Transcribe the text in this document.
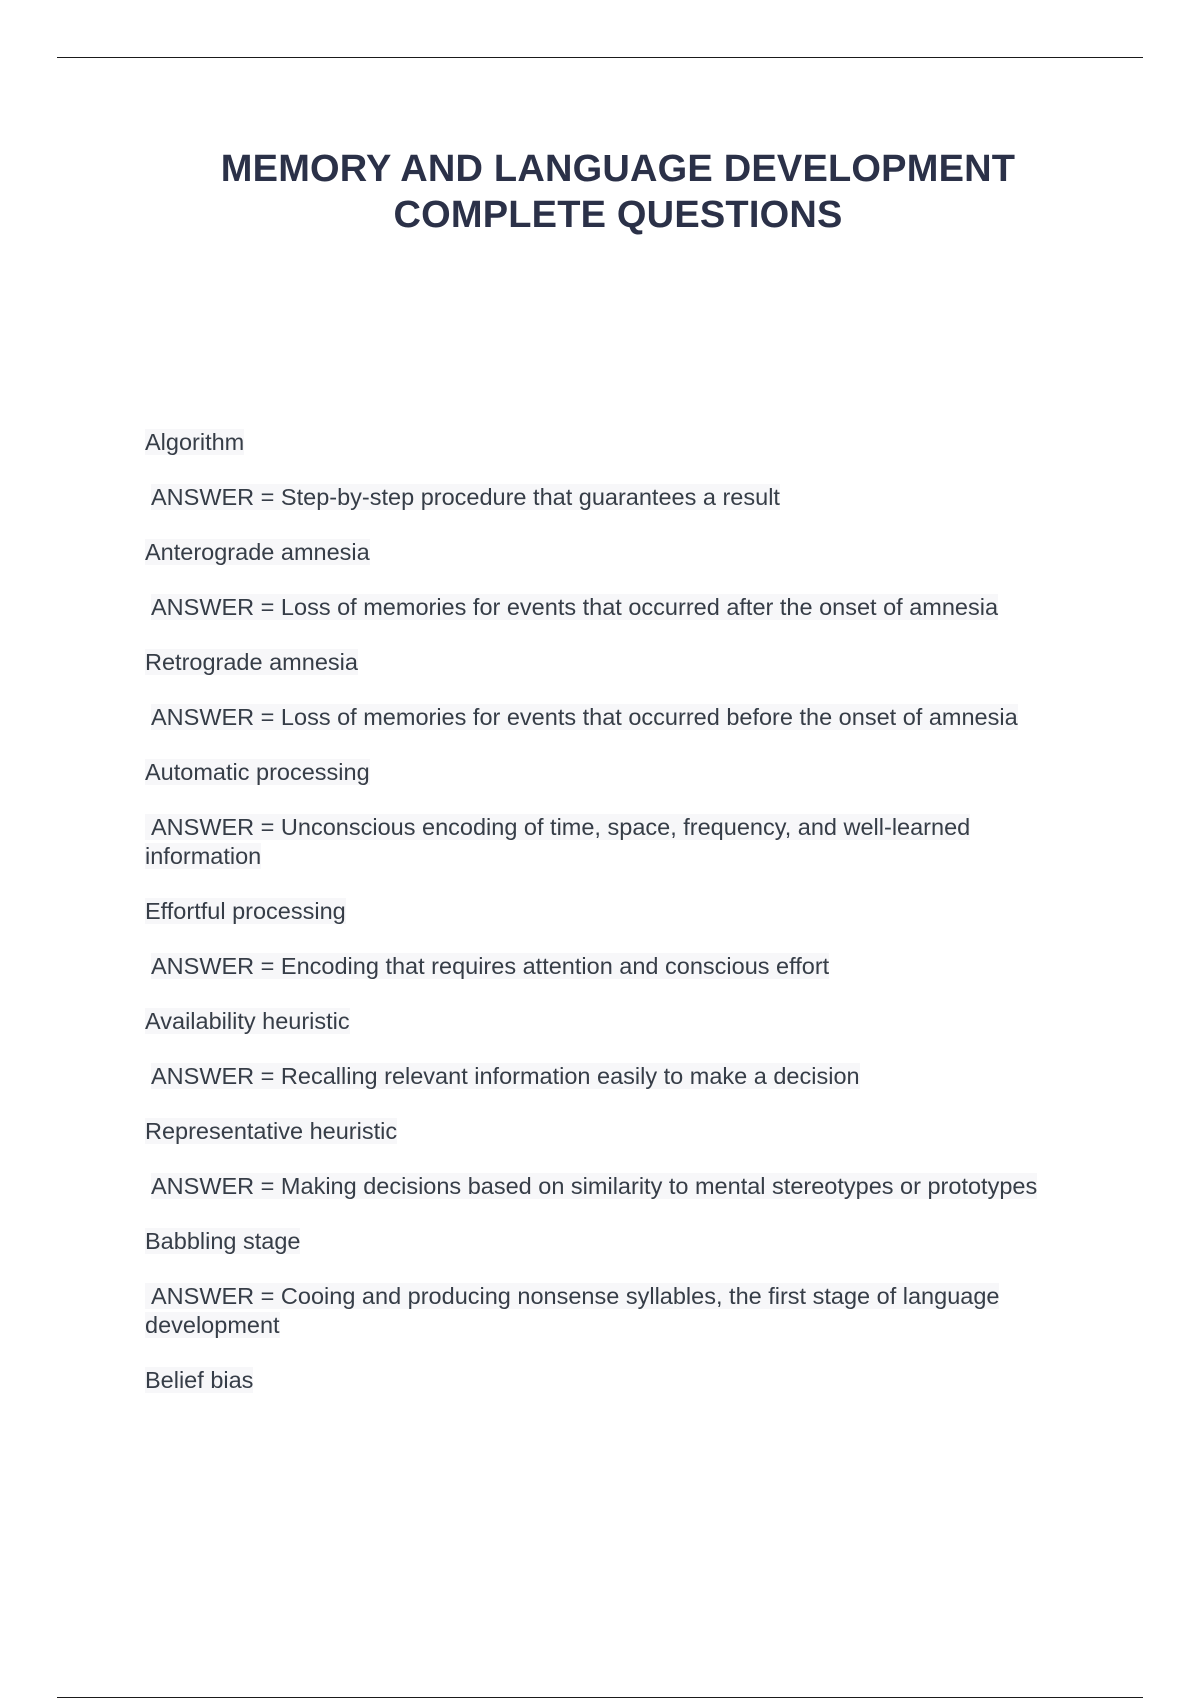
MEMORY AND LANGUAGE DEVELOPMENT
COMPLETE QUESTIONS
Algorithm
ANSWER = Step-by-step procedure that guarantees a result
Anterograde amnesia
ANSWER = Loss of memories for events that occurred after the onset of amnesia
Retrograde amnesia
ANSWER = Loss of memories for events that occurred before the onset of amnesia
Automatic processing
ANSWER = Unconscious encoding of time, space, frequency, and well-learned information
Effortful processing
ANSWER = Encoding that requires attention and conscious effort
Availability heuristic
ANSWER = Recalling relevant information easily to make a decision
Representative heuristic
ANSWER = Making decisions based on similarity to mental stereotypes or prototypes
Babbling stage
ANSWER = Cooing and producing nonsense syllables, the first stage of language development
Belief bias
